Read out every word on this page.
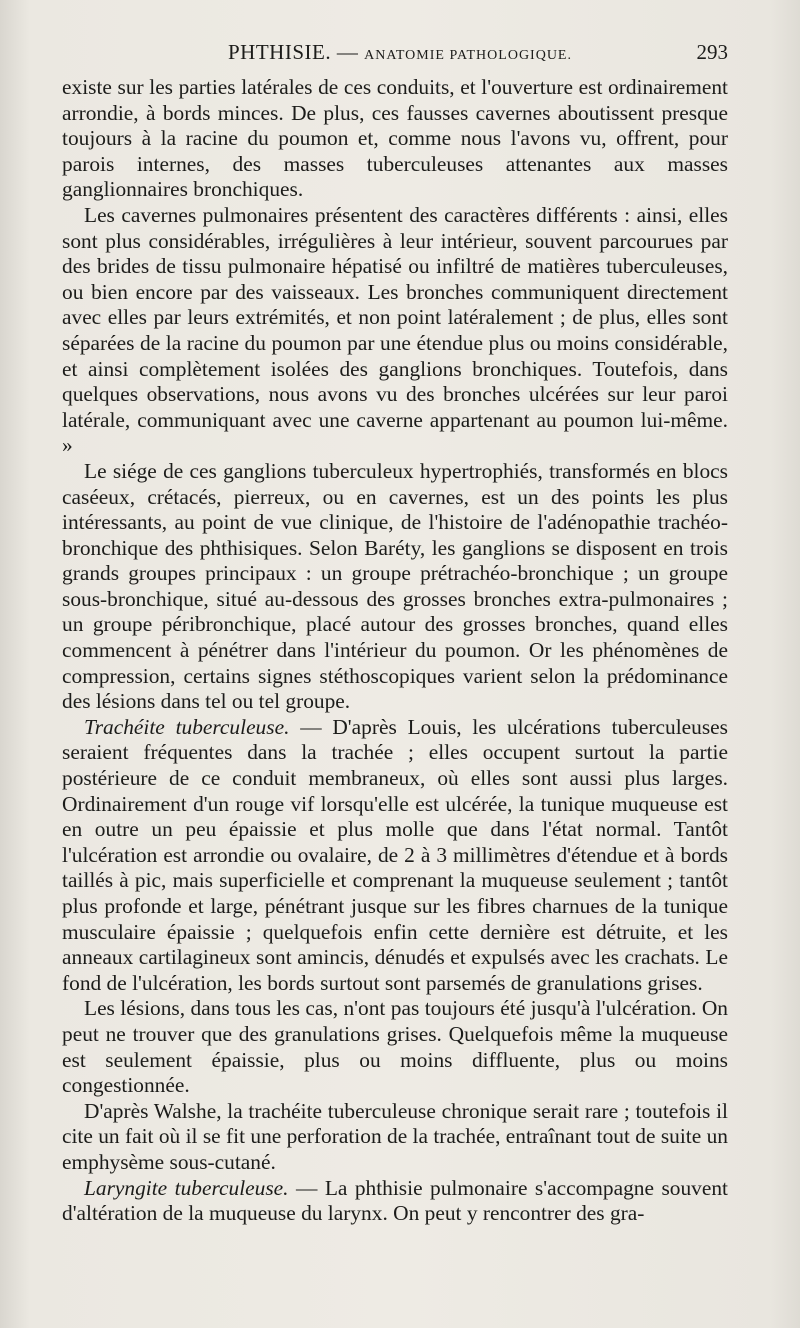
PHTHISIE. — ANATOMIE PATHOLOGIQUE.	293

existe sur les parties latérales de ces conduits, et l'ouverture est ordinairement arrondie, à bords minces. De plus, ces fausses cavernes aboutissent presque toujours à la racine du poumon et, comme nous l'avons vu, offrent, pour parois internes, des masses tuberculeuses attenantes aux masses ganglionnaires bronchiques.

Les cavernes pulmonaires présentent des caractères différents : ainsi, elles sont plus considérables, irrégulières à leur intérieur, souvent parcourues par des brides de tissu pulmonaire hépatisé ou infiltré de matières tuberculeuses, ou bien encore par des vaisseaux. Les bronches communiquent directement avec elles par leurs extrémités, et non point latéralement ; de plus, elles sont séparées de la racine du poumon par une étendue plus ou moins considérable, et ainsi complètement isolées des ganglions bronchiques. Toutefois, dans quelques observations, nous avons vu des bronches ulcérées sur leur paroi latérale, communiquant avec une caverne appartenant au poumon lui-même. »

Le siége de ces ganglions tuberculeux hypertrophiés, transformés en blocs caséeux, crétacés, pierreux, ou en cavernes, est un des points les plus intéressants, au point de vue clinique, de l'histoire de l'adénopathie trachéo-bronchique des phthisiques. Selon Baréty, les ganglions se disposent en trois grands groupes principaux : un groupe prétrachéo-bronchique ; un groupe sous-bronchique, situé au-dessous des grosses bronches extra-pulmonaires ; un groupe péribronchique, placé autour des grosses bronches, quand elles commencent à pénétrer dans l'intérieur du poumon. Or les phénomènes de compression, certains signes stéthoscopiques varient selon la prédominance des lésions dans tel ou tel groupe.

Trachéite tuberculeuse. — D'après Louis, les ulcérations tuberculeuses seraient fréquentes dans la trachée ; elles occupent surtout la partie postérieure de ce conduit membraneux, où elles sont aussi plus larges. Ordinairement d'un rouge vif lorsqu'elle est ulcérée, la tunique muqueuse est en outre un peu épaissie et plus molle que dans l'état normal. Tantôt l'ulcération est arrondie ou ovalaire, de 2 à 3 millimètres d'étendue et à bords taillés à pic, mais superficielle et comprenant la muqueuse seulement ; tantôt plus profonde et large, pénétrant jusque sur les fibres charnues de la tunique musculaire épaissie ; quelquefois enfin cette dernière est détruite, et les anneaux cartilagineux sont amincis, dénudés et expulsés avec les crachats. Le fond de l'ulcération, les bords surtout sont parsemés de granulations grises.

Les lésions, dans tous les cas, n'ont pas toujours été jusqu'à l'ulcération. On peut ne trouver que des granulations grises. Quelquefois même la muqueuse est seulement épaissie, plus ou moins diffluente, plus ou moins congestionnée.

D'après Walshe, la trachéite tuberculeuse chronique serait rare ; toutefois il cite un fait où il se fit une perforation de la trachée, entraînant tout de suite un emphysème sous-cutané.

Laryngite tuberculeuse. — La phthisie pulmonaire s'accompagne souvent d'altération de la muqueuse du larynx. On peut y rencontrer des gra-
